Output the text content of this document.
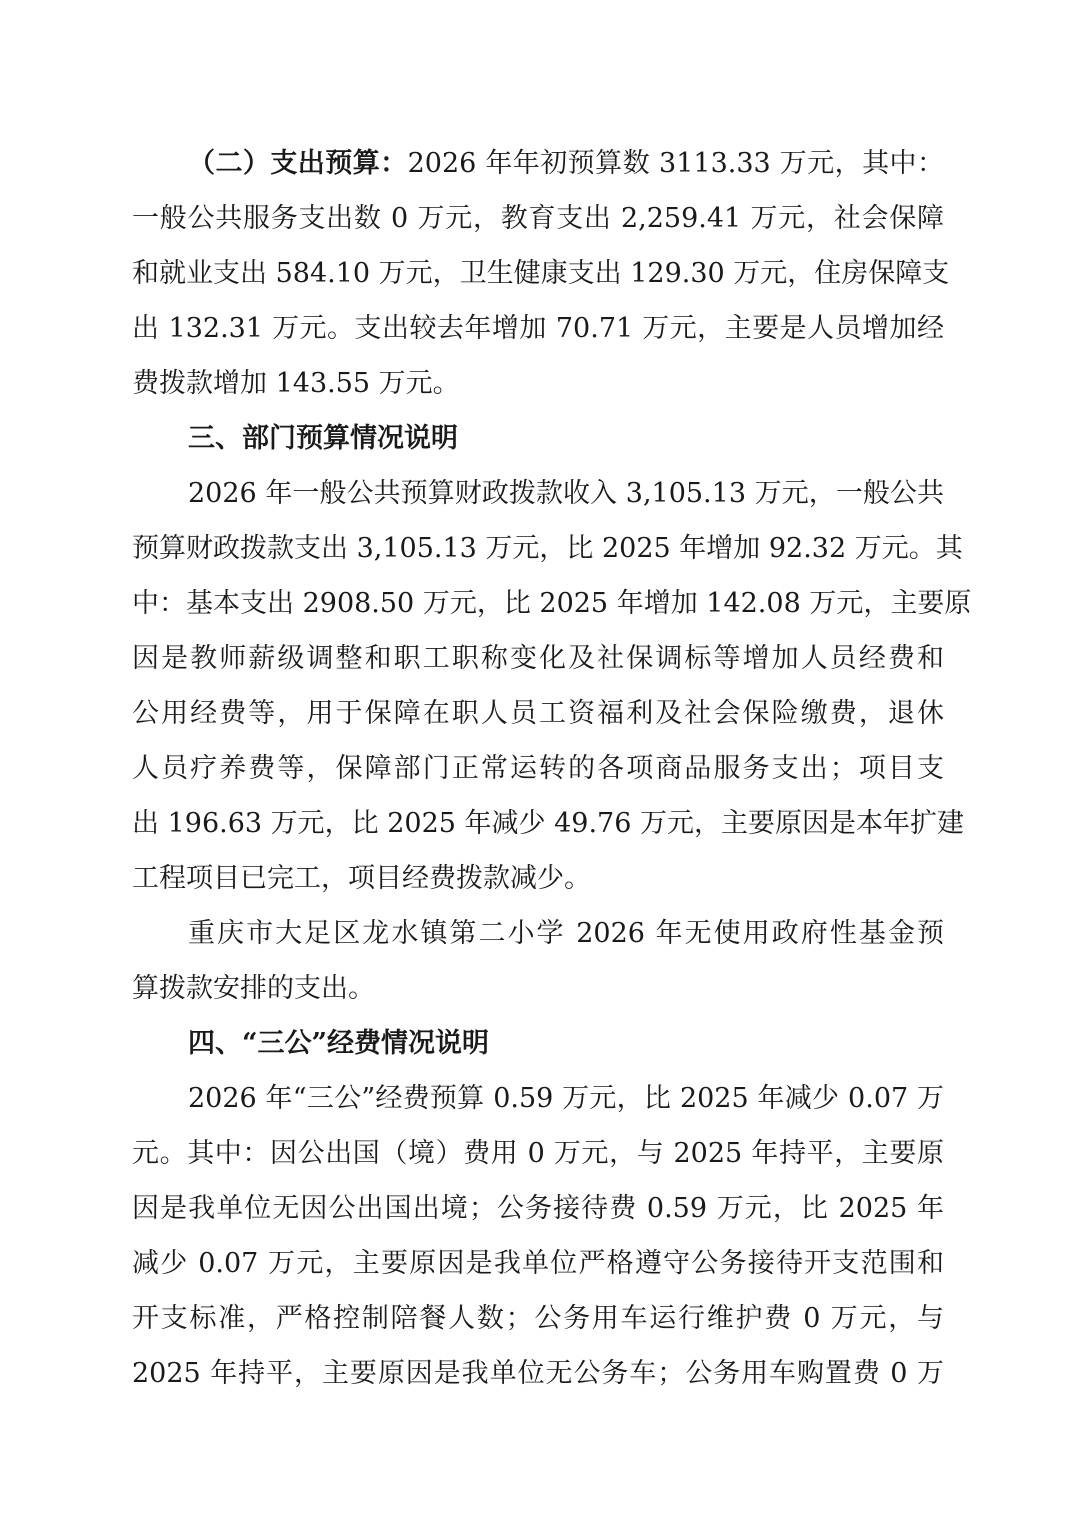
（二）支出预算：2026 年年初预算数 3113.33 万元，其中：
一般公共服务支出数 0 万元，教育支出 2,259.41 万元，社会保障
和就业支出 584.10 万元，卫生健康支出 129.30 万元，住房保障支
出 132.31 万元。支出较去年增加 70.71 万元，主要是人员增加经
费拨款增加 143.55 万元。
三、部门预算情况说明
2026 年一般公共预算财政拨款收入 3,105.13 万元，一般公共
预算财政拨款支出 3,105.13 万元，比 2025 年增加 92.32 万元。其
中：基本支出 2908.50 万元，比 2025 年增加 142.08 万元，主要原
因是教师薪级调整和职工职称变化及社保调标等增加人员经费和
公用经费等，用于保障在职人员工资福利及社会保险缴费，退休
人员疗养费等，保障部门正常运转的各项商品服务支出；项目支
出 196.63 万元，比 2025 年减少 49.76 万元，主要原因是本年扩建
工程项目已完工，项目经费拨款减少。
重庆市大足区龙水镇第二小学 2026 年无使用政府性基金预
算拨款安排的支出。
四、“三公”经费情况说明
2026 年“三公”经费预算 0.59 万元，比 2025 年减少 0.07 万
元。其中：因公出国（境）费用 0 万元，与 2025 年持平，主要原
因是我单位无因公出国出境；公务接待费 0.59 万元，比 2025 年
减少 0.07 万元，主要原因是我单位严格遵守公务接待开支范围和
开支标准，严格控制陪餐人数；公务用车运行维护费 0 万元，与
2025 年持平，主要原因是我单位无公务车；公务用车购置费 0 万
